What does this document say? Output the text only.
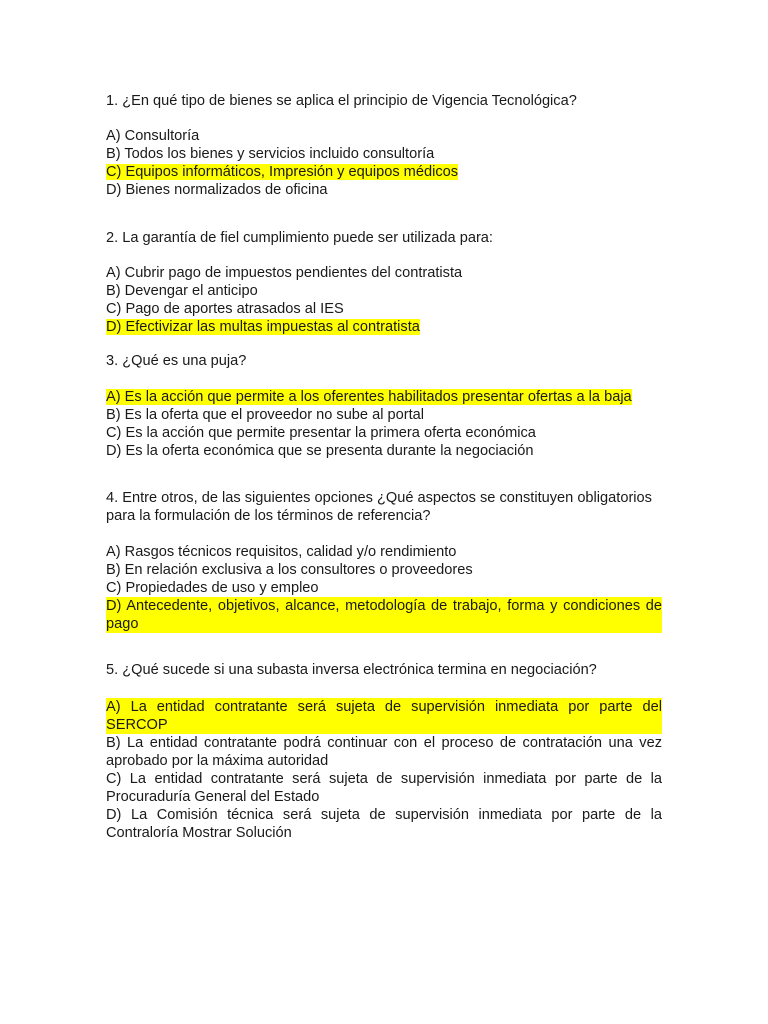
1. ¿En qué tipo de bienes se aplica el principio de Vigencia Tecnológica?

A) Consultoría
B) Todos los bienes y servicios incluido consultoría
C) Equipos informáticos, Impresión y equipos médicos
D) Bienes normalizados de oficina

2. La garantía de fiel cumplimiento puede ser utilizada para:

A) Cubrir pago de impuestos pendientes del contratista
B) Devengar el anticipo
C) Pago de aportes atrasados al IES
D) Efectivizar las multas impuestas al contratista

3. ¿Qué es una puja?

A) Es la acción que permite a los oferentes habilitados presentar ofertas a la baja
B) Es la oferta que el proveedor no sube al portal
C) Es la acción que permite presentar la primera oferta económica
D) Es la oferta económica que se presenta durante la negociación

4. Entre otros, de las siguientes opciones ¿Qué aspectos se constituyen obligatorios para la formulación de los términos de referencia?

A) Rasgos técnicos requisitos, calidad y/o rendimiento
B) En relación exclusiva a los consultores o proveedores
C) Propiedades de uso y empleo
D) Antecedente, objetivos, alcance, metodología de trabajo, forma y condiciones de pago

5. ¿Qué sucede si una subasta inversa electrónica termina en negociación?

A) La entidad contratante será sujeta de supervisión inmediata por parte del SERCOP
B) La entidad contratante podrá continuar con el proceso de contratación una vez aprobado por la máxima autoridad
C) La entidad contratante será sujeta de supervisión inmediata por parte de la Procuraduría General del Estado
D) La Comisión técnica será sujeta de supervisión inmediata por parte de la Contraloría Mostrar Solución
